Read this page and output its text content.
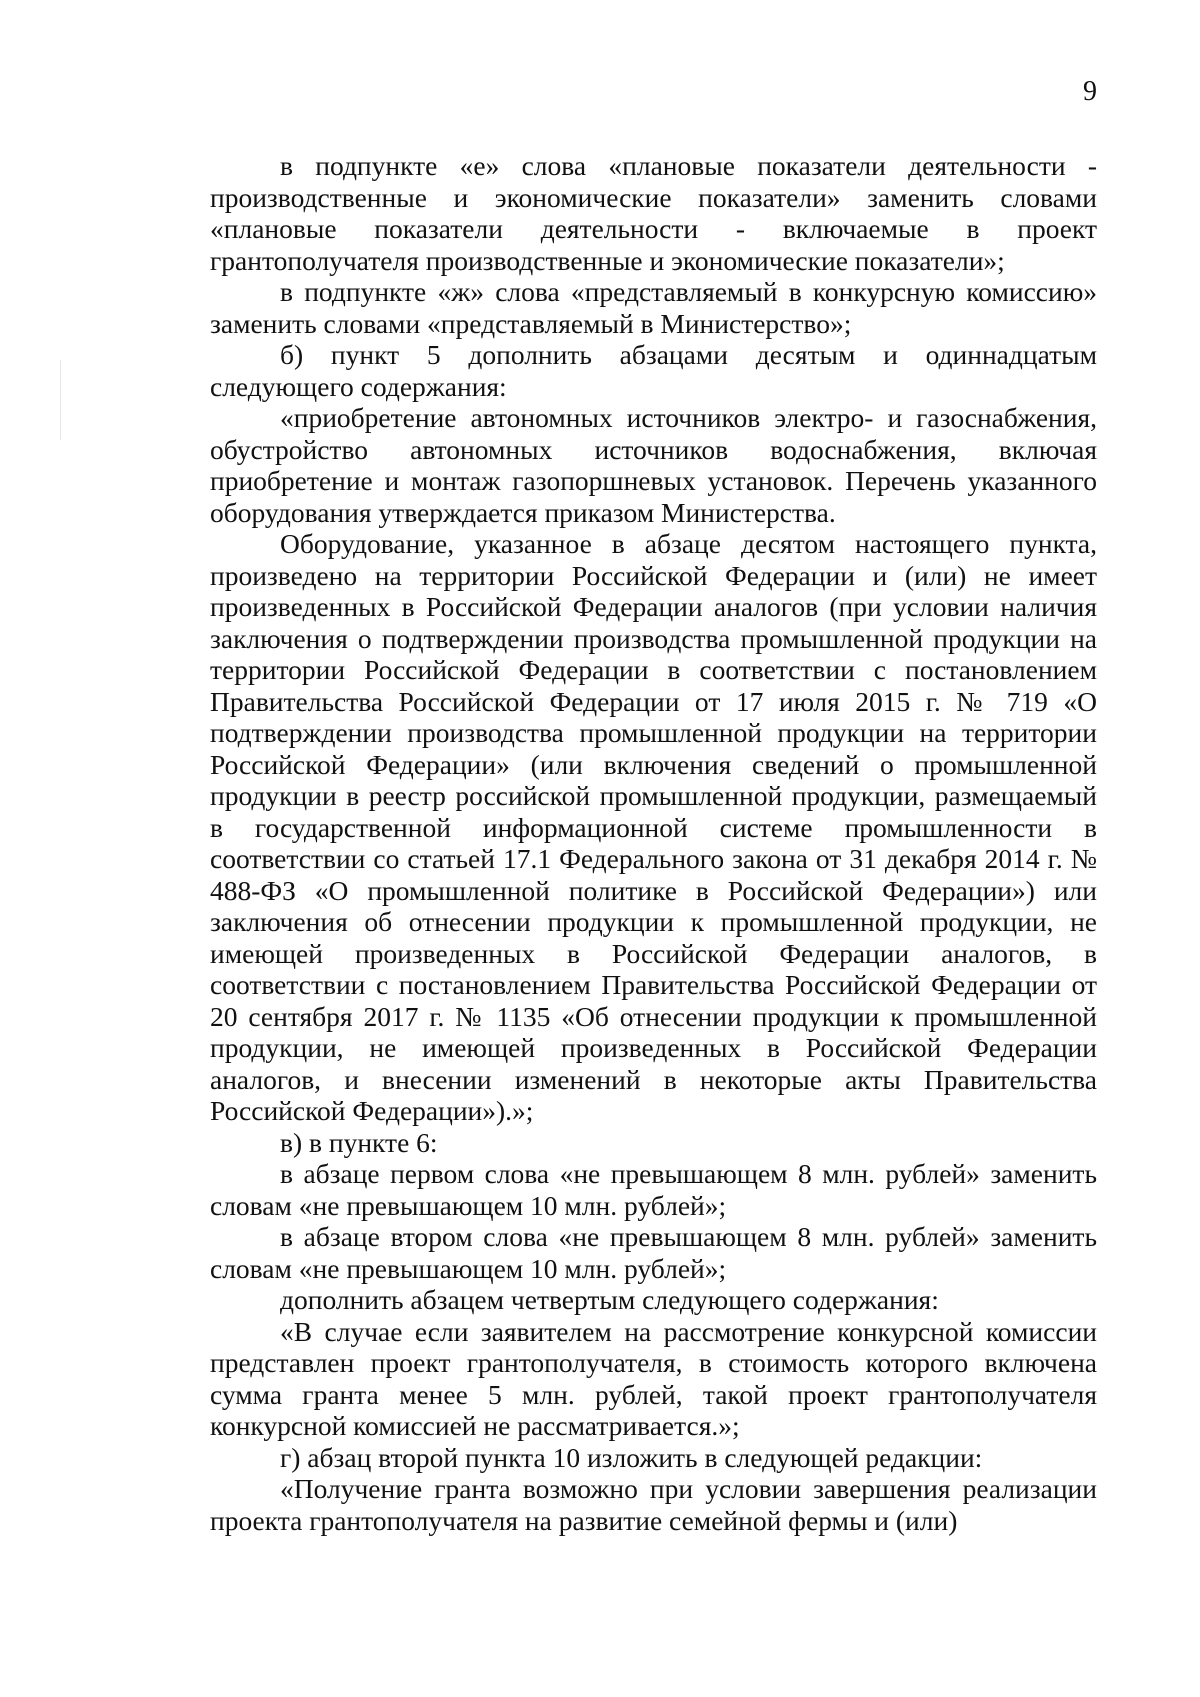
9

в подпункте «е» слова «плановые показатели деятельности - производственные и экономические показатели» заменить словами «плановые показатели деятельности - включаемые в проект грантополучателя производственные и экономические показатели»;

в подпункте «ж» слова «представляемый в конкурсную комиссию» заменить словами «представляемый в Министерство»;

б) пункт 5 дополнить абзацами десятым и одиннадцатым следующего содержания:

«приобретение автономных источников электро- и газоснабжения, обустройство автономных источников водоснабжения, включая приобретение и монтаж газопоршневых установок. Перечень указанного оборудования утверждается приказом Министерства.

Оборудование, указанное в абзаце десятом настоящего пункта, произведено на территории Российской Федерации и (или) не имеет произведенных в Российской Федерации аналогов (при условии наличия заключения о подтверждении производства промышленной продукции на территории Российской Федерации в соответствии с постановлением Правительства Российской Федерации от 17 июля 2015 г. № 719 «О подтверждении производства промышленной продукции на территории Российской Федерации» (или включения сведений о промышленной продукции в реестр российской промышленной продукции, размещаемый в государственной информационной системе промышленности в соответствии со статьей 17.1 Федерального закона от 31 декабря 2014 г. № 488-ФЗ «О промышленной политике в Российской Федерации») или заключения об отнесении продукции к промышленной продукции, не имеющей произведенных в Российской Федерации аналогов, в соответствии с постановлением Правительства Российской Федерации от 20 сентября 2017 г. № 1135 «Об отнесении продукции к промышленной продукции, не имеющей произведенных в Российской Федерации аналогов, и внесении изменений в некоторые акты Правительства Российской Федерации»).»;

в) в пункте 6:

в абзаце первом слова «не превышающем 8 млн. рублей» заменить словам «не превышающем 10 млн. рублей»;

в абзаце втором слова «не превышающем 8 млн. рублей» заменить словам «не превышающем 10 млн. рублей»;

дополнить абзацем четвертым следующего содержания:

«В случае если заявителем на рассмотрение конкурсной комиссии представлен проект грантополучателя, в стоимость которого включена сумма гранта менее 5 млн. рублей, такой проект грантополучателя конкурсной комиссией не рассматривается.»;

г) абзац второй пункта 10 изложить в следующей редакции:

«Получение гранта возможно при условии завершения реализации проекта грантополучателя на развитие семейной фермы и (или)
